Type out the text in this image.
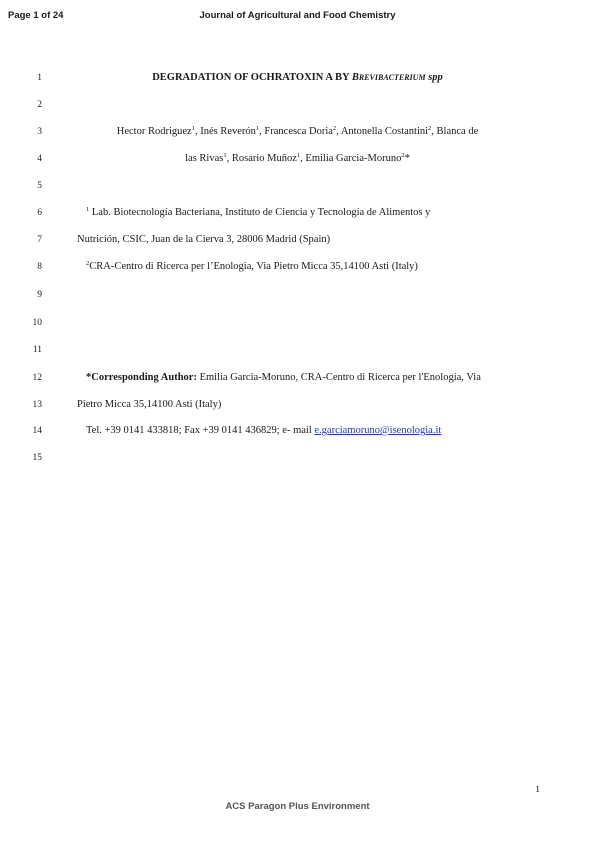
Page 1 of 24	Journal of Agricultural and Food Chemistry
1
2
3
4
5
6
7
8
9
10
11
12
13
14
15
DEGRADATION OF OCHRATOXIN A BY BREVIBACTERIUM spp
Hector Rodriguez$^1$, Inés Reverón$^1$, Francesca Doria$^2$, Antonella Costantini$^2$, Blanca de
las Rivas$^1$, Rosario Muñoz$^1$, Emilia Garcia-Moruno$^2$*
$^1$ Lab. Biotecnología Bacteriana, Instituto de Ciencia y Tecnología de Alimentos y
Nutrición, CSIC, Juan de la Cierva 3, 28006 Madrid (Spain)
$^2$CRA-Centro di Ricerca per l’Enologia, Via Pietro Micca 35,14100 Asti (Italy)
*Corresponding Author: Emilia Garcia-Moruno, CRA-Centro di Ricerca per l'Enologia, Via
Pietro Micca 35,14100 Asti (Italy)
Tel. +39 0141 433818; Fax +39 0141 436829; e- mail e.garciamoruno@isenologia.it
1
ACS Paragon Plus Environment
